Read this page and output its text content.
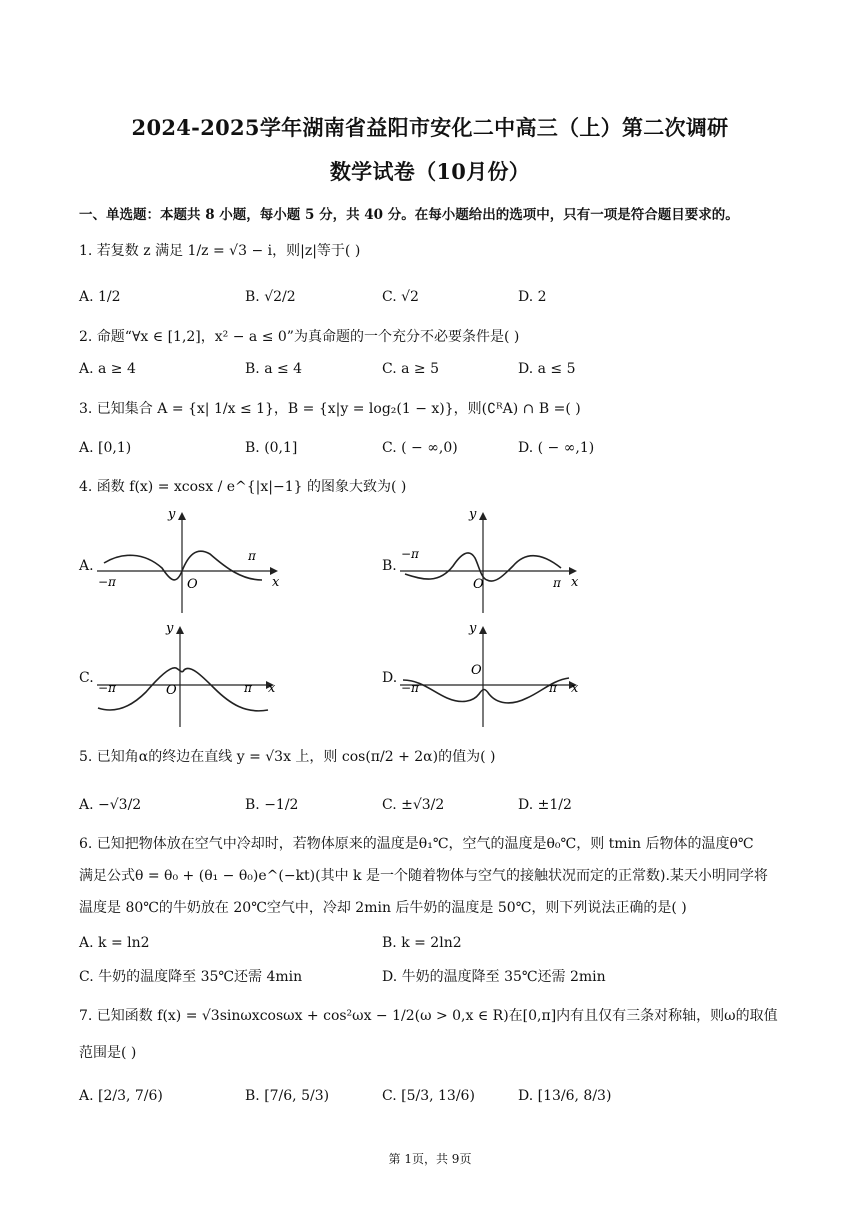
2024-2025学年湖南省益阳市安化二中高三（上）第二次调研
数学试卷（10月份）
一、单选题：本题共 8 小题，每小题 5 分，共 40 分。在每小题给出的选项中，只有一项是符合题目要求的。
1. 若复数 z 满足 1/z = √3 − i，则|z|等于( )
A. 1/2	B. √2/2	C. √2	D. 2
2. 命题“∀x ∈ [1,2]，x² − a ≤ 0”为真命题的一个充分不必要条件是( )
A. a ≥ 4	B. a ≤ 4	C. a ≥ 5	D. a ≤ 5
3. 已知集合 A = {x| 1/x ≤ 1}，B = {x|y = log₂(1 − x)}，则(∁ᴿA) ∩ B =( )
A. [0,1)	B. (0,1]	C. ( − ∞,0)	D. ( − ∞,1)
4. 函数 f(x) = xcosx / e^{|x|−1} 的图象大致为( )
A.	B.
C.	D.
y
x
O
π
−π
y
x
O	π
−π
y
x
O	π
−π
y
x
O
π
−π
5. 已知角α的终边在直线 y = √3x 上，则 cos(π/2 + 2α)的值为( )
A. −√3/2	B. −1/2	C. ±√3/2	D. ±1/2
6. 已知把物体放在空气中冷却时，若物体原来的温度是θ₁℃，空气的温度是θ₀℃，则 tmin 后物体的温度θ℃
满足公式θ = θ₀ + (θ₁ − θ₀)e^(−kt)(其中 k 是一个随着物体与空气的接触状况而定的正常数).某天小明同学将
温度是 80℃的牛奶放在 20℃空气中，冷却 2min 后牛奶的温度是 50℃，则下列说法正确的是( )
A. k = ln2	B. k = 2ln2
C. 牛奶的温度降至 35℃还需 4min	D. 牛奶的温度降至 35℃还需 2min
7. 已知函数 f(x) = √3sinωxcosωx + cos²ωx − 1/2(ω > 0,x ∈ R)在[0,π]内有且仅有三条对称轴，则ω的取值
范围是( )
A. [2/3, 7/6)	B. [7/6, 5/3)	C. [5/3, 13/6)	D. [13/6, 8/3)
第 1页，共 9页
